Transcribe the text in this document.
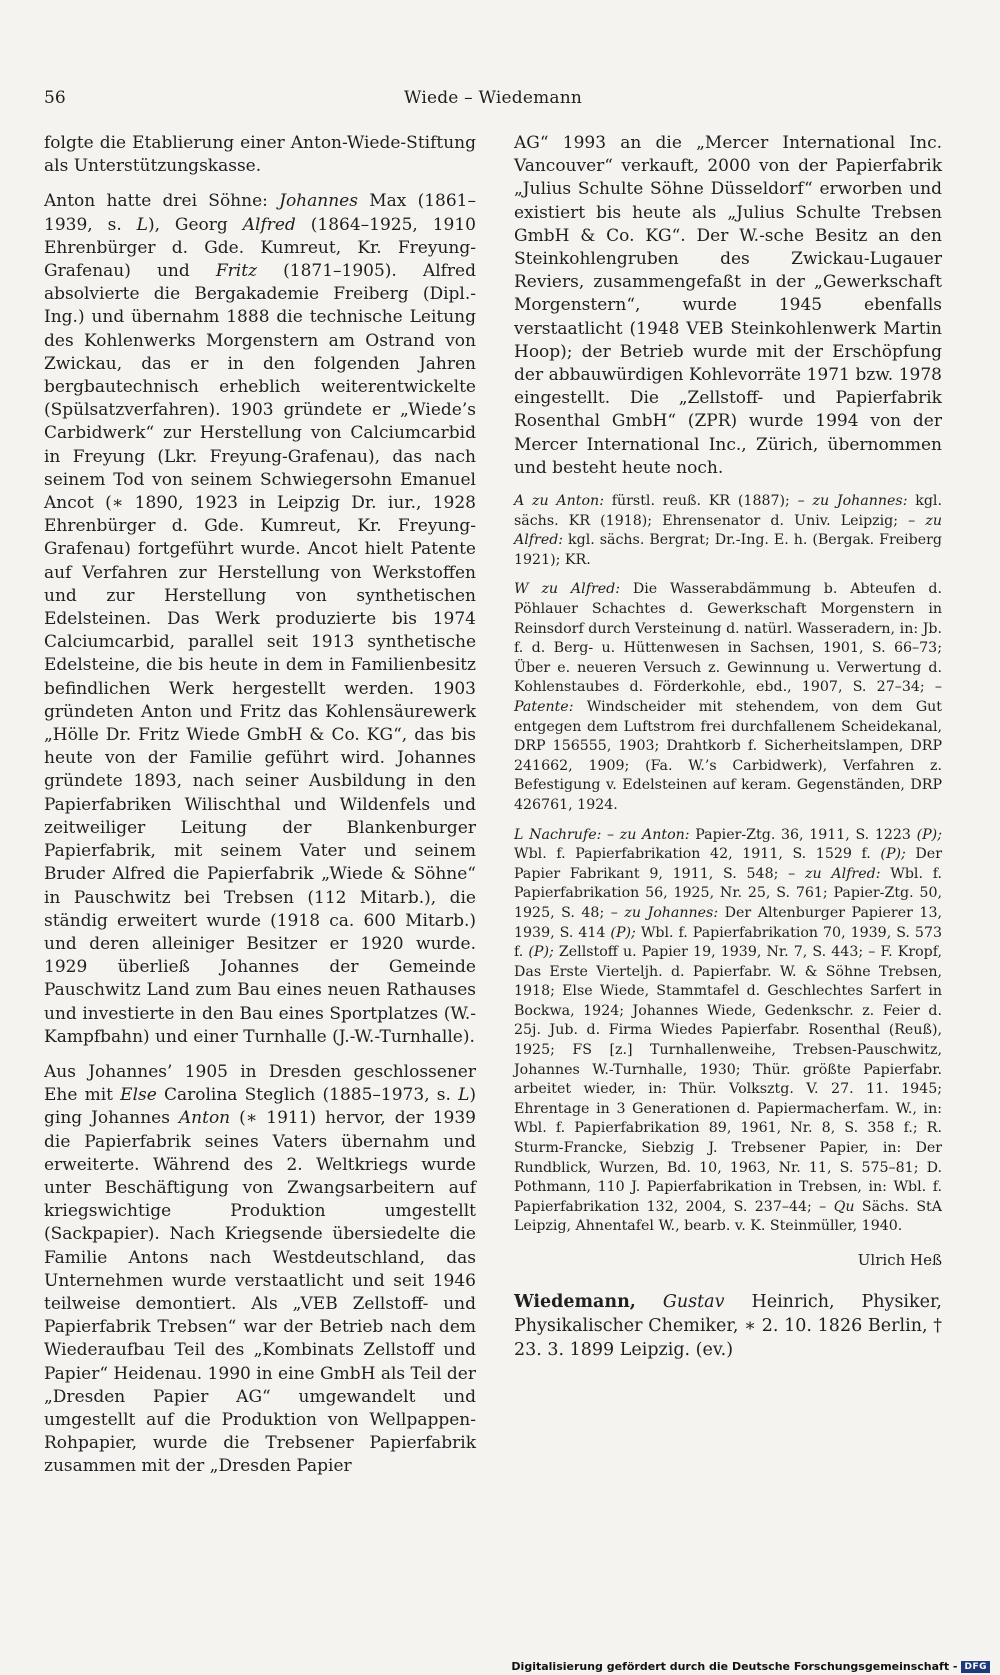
56	Wiede – Wiedemann

folgte die Etablierung einer Anton-Wiede-Stiftung als Unterstützungskasse.

Anton hatte drei Söhne: Johannes Max (1861–1939, s. L), Georg Alfred (1864–1925, 1910 Ehrenbürger d. Gde. Kumreut, Kr. Freyung-Grafenau) und Fritz (1871–1905). Alfred absolvierte die Bergakademie Freiberg (Dipl.-Ing.) und übernahm 1888 die technische Leitung des Kohlenwerks Morgenstern am Ostrand von Zwickau, das er in den folgenden Jahren bergbautechnisch erheblich weiterentwickelte (Spülsatzverfahren). 1903 gründete er „Wiede’s Carbidwerk“ zur Herstellung von Calciumcarbid in Freyung (Lkr. Freyung-Grafenau), das nach seinem Tod von seinem Schwiegersohn Emanuel Ancot (∗ 1890, 1923 in Leipzig Dr. iur., 1928 Ehrenbürger d. Gde. Kumreut, Kr. Freyung-Grafenau) fortgeführt wurde. Ancot hielt Patente auf Verfahren zur Herstellung von Werkstoffen und zur Herstellung von synthetischen Edelsteinen. Das Werk produzierte bis 1974 Calciumcarbid, parallel seit 1913 synthetische Edelsteine, die bis heute in dem in Familienbesitz befindlichen Werk hergestellt werden. 1903 gründeten Anton und Fritz das Kohlensäurewerk „Hölle Dr. Fritz Wiede GmbH & Co. KG“, das bis heute von der Familie geführt wird. Johannes gründete 1893, nach seiner Ausbildung in den Papierfabriken Wilischthal und Wildenfels und zeitweiliger Leitung der Blankenburger Papierfabrik, mit seinem Vater und seinem Bruder Alfred die Papierfabrik „Wiede & Söhne“ in Pauschwitz bei Trebsen (112 Mitarb.), die ständig erweitert wurde (1918 ca. 600 Mitarb.) und deren alleiniger Besitzer er 1920 wurde. 1929 überließ Johannes der Gemeinde Pauschwitz Land zum Bau eines neuen Rathauses und investierte in den Bau eines Sportplatzes (W.-Kampfbahn) und einer Turnhalle (J.-W.-Turnhalle).

Aus Johannes’ 1905 in Dresden geschlossener Ehe mit Else Carolina Steglich (1885–1973, s. L) ging Johannes Anton (∗ 1911) hervor, der 1939 die Papierfabrik seines Vaters übernahm und erweiterte. Während des 2. Weltkriegs wurde unter Beschäftigung von Zwangsarbeitern auf kriegswichtige Produktion umgestellt (Sackpapier). Nach Kriegsende übersiedelte die Familie Antons nach Westdeutschland, das Unternehmen wurde verstaatlicht und seit 1946 teilweise demontiert. Als „VEB Zellstoff- und Papierfabrik Trebsen“ war der Betrieb nach dem Wiederaufbau Teil des „Kombinats Zellstoff und Papier“ Heidenau. 1990 in eine GmbH als Teil der „Dresden Papier AG“ umgewandelt und umgestellt auf die Produktion von Wellpappen-Rohpapier, wurde die Trebsener Papierfabrik zusammen mit der „Dresden Papier

AG“ 1993 an die „Mercer International Inc. Vancouver“ verkauft, 2000 von der Papierfabrik „Julius Schulte Söhne Düsseldorf“ erworben und existiert bis heute als „Julius Schulte Trebsen GmbH & Co. KG“. Der W.-sche Besitz an den Steinkohlengruben des Zwickau-Lugauer Reviers, zusammengefaßt in der „Gewerkschaft Morgenstern“, wurde 1945 ebenfalls verstaatlicht (1948 VEB Steinkohlenwerk Martin Hoop); der Betrieb wurde mit der Erschöpfung der abbauwürdigen Kohlevorräte 1971 bzw. 1978 eingestellt. Die „Zellstoff- und Papierfabrik Rosenthal GmbH“ (ZPR) wurde 1994 von der Mercer International Inc., Zürich, übernommen und besteht heute noch.

A zu Anton: fürstl. reuß. KR (1887); – zu Johannes: kgl. sächs. KR (1918); Ehrensenator d. Univ. Leipzig; – zu Alfred: kgl. sächs. Bergrat; Dr.-Ing. E. h. (Bergak. Freiberg 1921); KR.

W zu Alfred: Die Wasserabdämmung b. Abteufen d. Pöhlauer Schachtes d. Gewerkschaft Morgenstern in Reinsdorf durch Versteinung d. natürl. Wasseradern, in: Jb. f. d. Berg- u. Hüttenwesen in Sachsen, 1901, S. 66–73; Über e. neueren Versuch z. Gewinnung u. Verwertung d. Kohlenstaubes d. Förderkohle, ebd., 1907, S. 27–34; – Patente: Windscheider mit stehendem, von dem Gut entgegen dem Luftstrom frei durchfallenem Scheidekanal, DRP 156555, 1903; Drahtkorb f. Sicherheitslampen, DRP 241662, 1909; (Fa. W.’s Carbidwerk), Verfahren z. Befestigung v. Edelsteinen auf keram. Gegenständen, DRP 426761, 1924.

L Nachrufe: – zu Anton: Papier-Ztg. 36, 1911, S. 1223 (P); Wbl. f. Papierfabrikation 42, 1911, S. 1529 f. (P); Der Papier Fabrikant 9, 1911, S. 548; – zu Alfred: Wbl. f. Papierfabrikation 56, 1925, Nr. 25, S. 761; Papier-Ztg. 50, 1925, S. 48; – zu Johannes: Der Altenburger Papierer 13, 1939, S. 414 (P); Wbl. f. Papierfabrikation 70, 1939, S. 573 f. (P); Zellstoff u. Papier 19, 1939, Nr. 7, S. 443; – F. Kropf, Das Erste Vierteljh. d. Papierfabr. W. & Söhne Trebsen, 1918; Else Wiede, Stammtafel d. Geschlechtes Sarfert in Bockwa, 1924; Johannes Wiede, Gedenkschr. z. Feier d. 25j. Jub. d. Firma Wiedes Papierfabr. Rosenthal (Reuß), 1925; FS [z.] Turnhallenweihe, Trebsen-Pauschwitz, Johannes W.-Turnhalle, 1930; Thür. größte Papierfabr. arbeitet wieder, in: Thür. Volksztg. V. 27. 11. 1945; Ehrentage in 3 Generationen d. Papiermacherfam. W., in: Wbl. f. Papierfabrikation 89, 1961, Nr. 8, S. 358 f.; R. Sturm-Francke, Siebzig J. Trebsener Papier, in: Der Rundblick, Wurzen, Bd. 10, 1963, Nr. 11, S. 575–81; D. Pothmann, 110 J. Papierfabrikation in Trebsen, in: Wbl. f. Papierfabrikation 132, 2004, S. 237–44; – Qu Sächs. StA Leipzig, Ahnentafel W., bearb. v. K. Steinmüller, 1940.

Ulrich Heß

Wiedemann, Gustav Heinrich, Physiker, Physikalischer Chemiker, ∗ 2. 10. 1826 Berlin, † 23. 3. 1899 Leipzig. (ev.)

Digitalisierung gefördert durch die Deutsche Forschungsgemeinschaft - DFG
